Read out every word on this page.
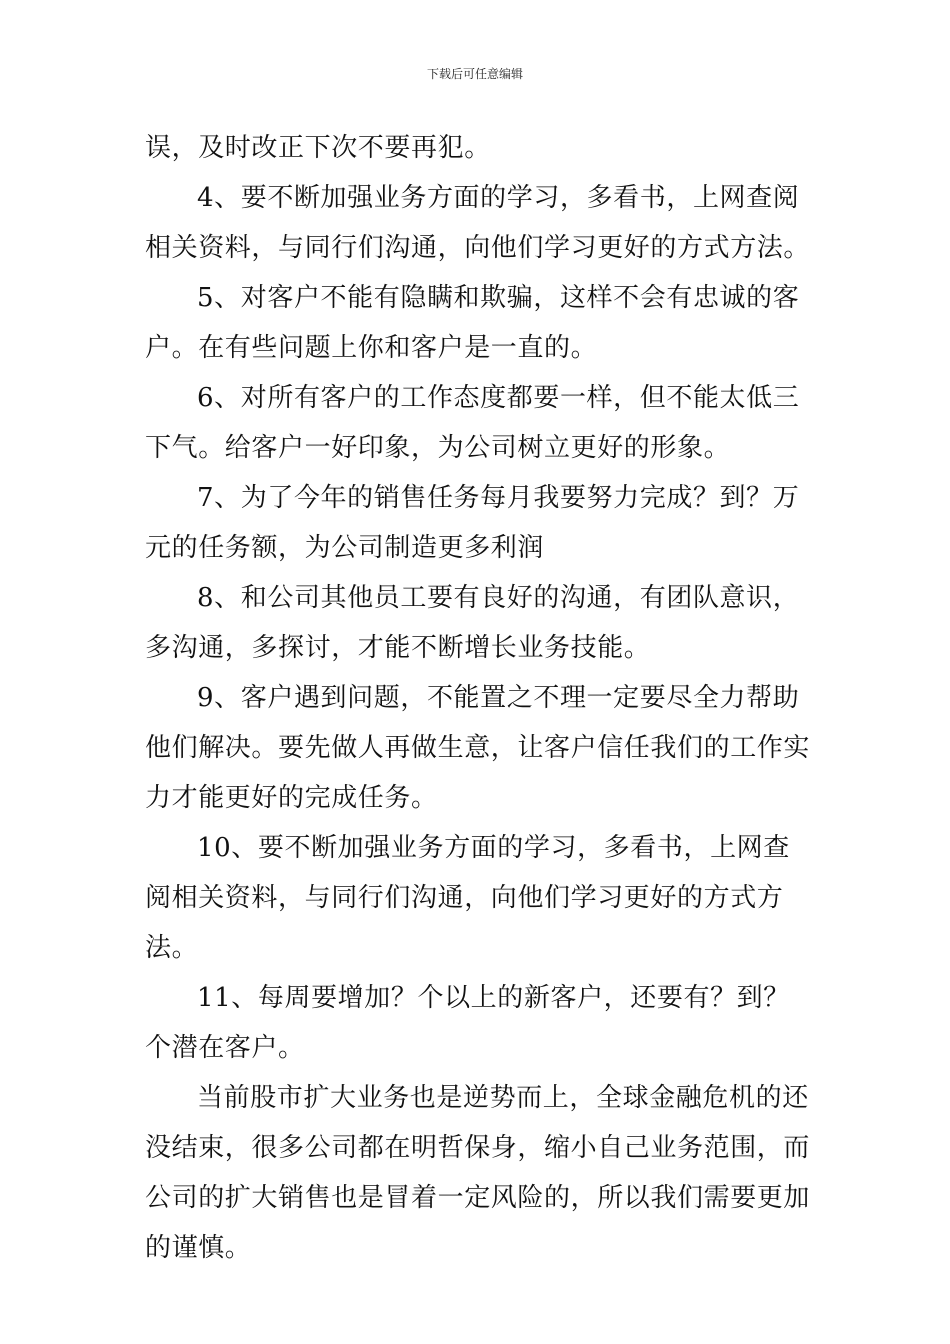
下载后可任意编辑

误，及时改正下次不要再犯。

4、要不断加强业务方面的学习，多看书，上网查阅相关资料，与同行们沟通，向他们学习更好的方式方法。

5、对客户不能有隐瞒和欺骗，这样不会有忠诚的客户。在有些问题上你和客户是一直的。

6、对所有客户的工作态度都要一样，但不能太低三下气。给客户一好印象，为公司树立更好的形象。

7、为了今年的销售任务每月我要努力完成？到？万元的任务额，为公司制造更多利润

8、和公司其他员工要有良好的沟通，有团队意识，多沟通，多探讨，才能不断增长业务技能。

9、客户遇到问题，不能置之不理一定要尽全力帮助他们解决。要先做人再做生意，让客户信任我们的工作实力才能更好的完成任务。

10、要不断加强业务方面的学习，多看书，上网查阅相关资料，与同行们沟通，向他们学习更好的方式方法。

11、每周要增加？个以上的新客户，还要有？到？个潜在客户。

当前股市扩大业务也是逆势而上，全球金融危机的还没结束，很多公司都在明哲保身，缩小自己业务范围，而公司的扩大销售也是冒着一定风险的，所以我们需要更加的谨慎。
